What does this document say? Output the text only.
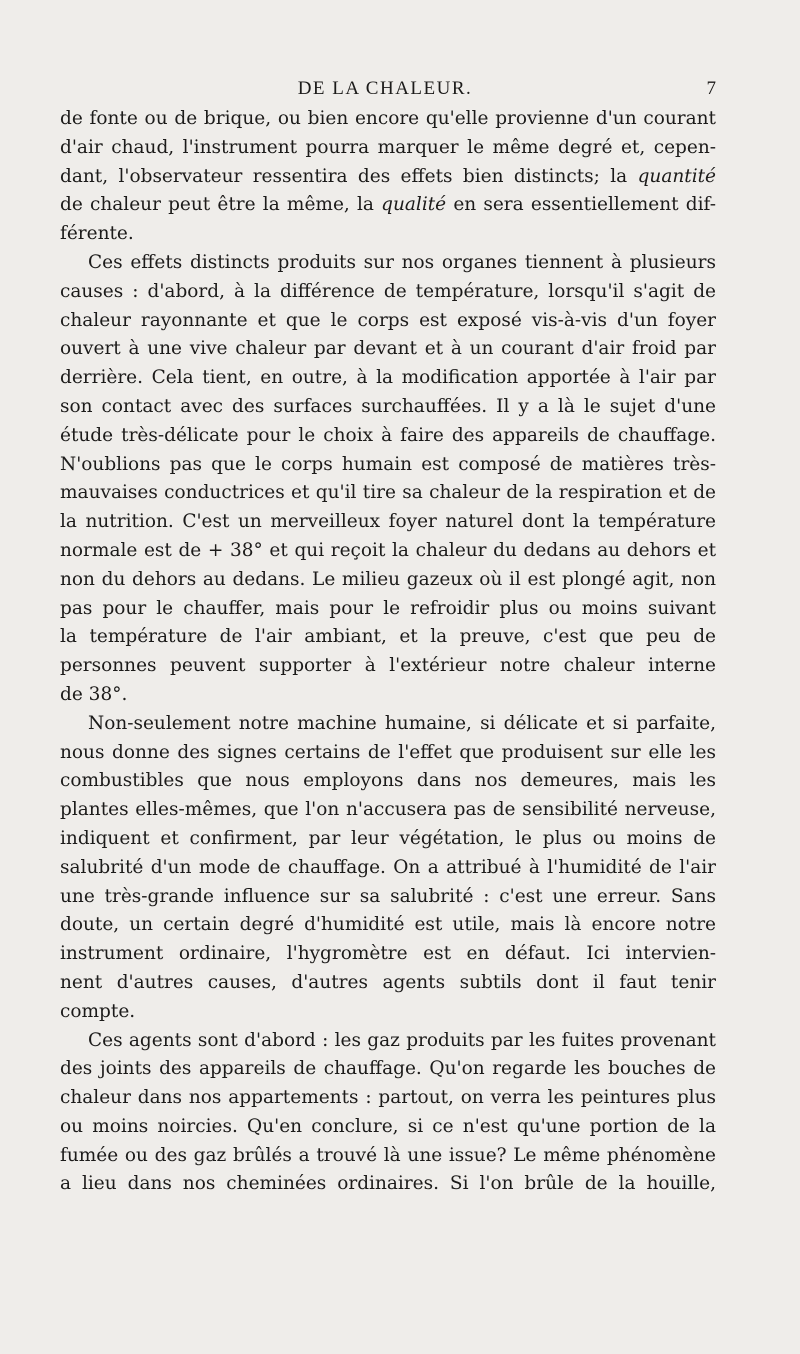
DE LA CHALEUR.	7
de fonte ou de brique, ou bien encore qu'elle provienne d'un courant
d'air chaud, l'instrument pourra marquer le même degré et, cepen-
dant, l'observateur ressentira des effets bien distincts; la quantité
de chaleur peut être la même, la qualité en sera essentiellement dif-
férente.
Ces effets distincts produits sur nos organes tiennent à plusieurs
causes : d'abord, à la différence de température, lorsqu'il s'agit de
chaleur rayonnante et que le corps est exposé vis-à-vis d'un foyer
ouvert à une vive chaleur par devant et à un courant d'air froid par
derrière. Cela tient, en outre, à la modification apportée à l'air par
son contact avec des surfaces surchauffées. Il y a là le sujet d'une
étude très-délicate pour le choix à faire des appareils de chauffage.
N'oublions pas que le corps humain est composé de matières très-
mauvaises conductrices et qu'il tire sa chaleur de la respiration et de
la nutrition. C'est un merveilleux foyer naturel dont la température
normale est de + 38° et qui reçoit la chaleur du dedans au dehors et
non du dehors au dedans. Le milieu gazeux où il est plongé agit, non
pas pour le chauffer, mais pour le refroidir plus ou moins suivant
la température de l'air ambiant, et la preuve, c'est que peu de
personnes peuvent supporter à l'extérieur notre chaleur interne
de 38°.
Non-seulement notre machine humaine, si délicate et si parfaite,
nous donne des signes certains de l'effet que produisent sur elle les
combustibles que nous employons dans nos demeures, mais les
plantes elles-mêmes, que l'on n'accusera pas de sensibilité nerveuse,
indiquent et confirment, par leur végétation, le plus ou moins de
salubrité d'un mode de chauffage. On a attribué à l'humidité de l'air
une très-grande influence sur sa salubrité : c'est une erreur. Sans
doute, un certain degré d'humidité est utile, mais là encore notre
instrument ordinaire, l'hygromètre est en défaut. Ici intervien-
nent d'autres causes, d'autres agents subtils dont il faut tenir
compte.
Ces agents sont d'abord : les gaz produits par les fuites provenant
des joints des appareils de chauffage. Qu'on regarde les bouches de
chaleur dans nos appartements : partout, on verra les peintures plus
ou moins noircies. Qu'en conclure, si ce n'est qu'une portion de la
fumée ou des gaz brûlés a trouvé là une issue? Le même phénomène
a lieu dans nos cheminées ordinaires. Si l'on brûle de la houille,
